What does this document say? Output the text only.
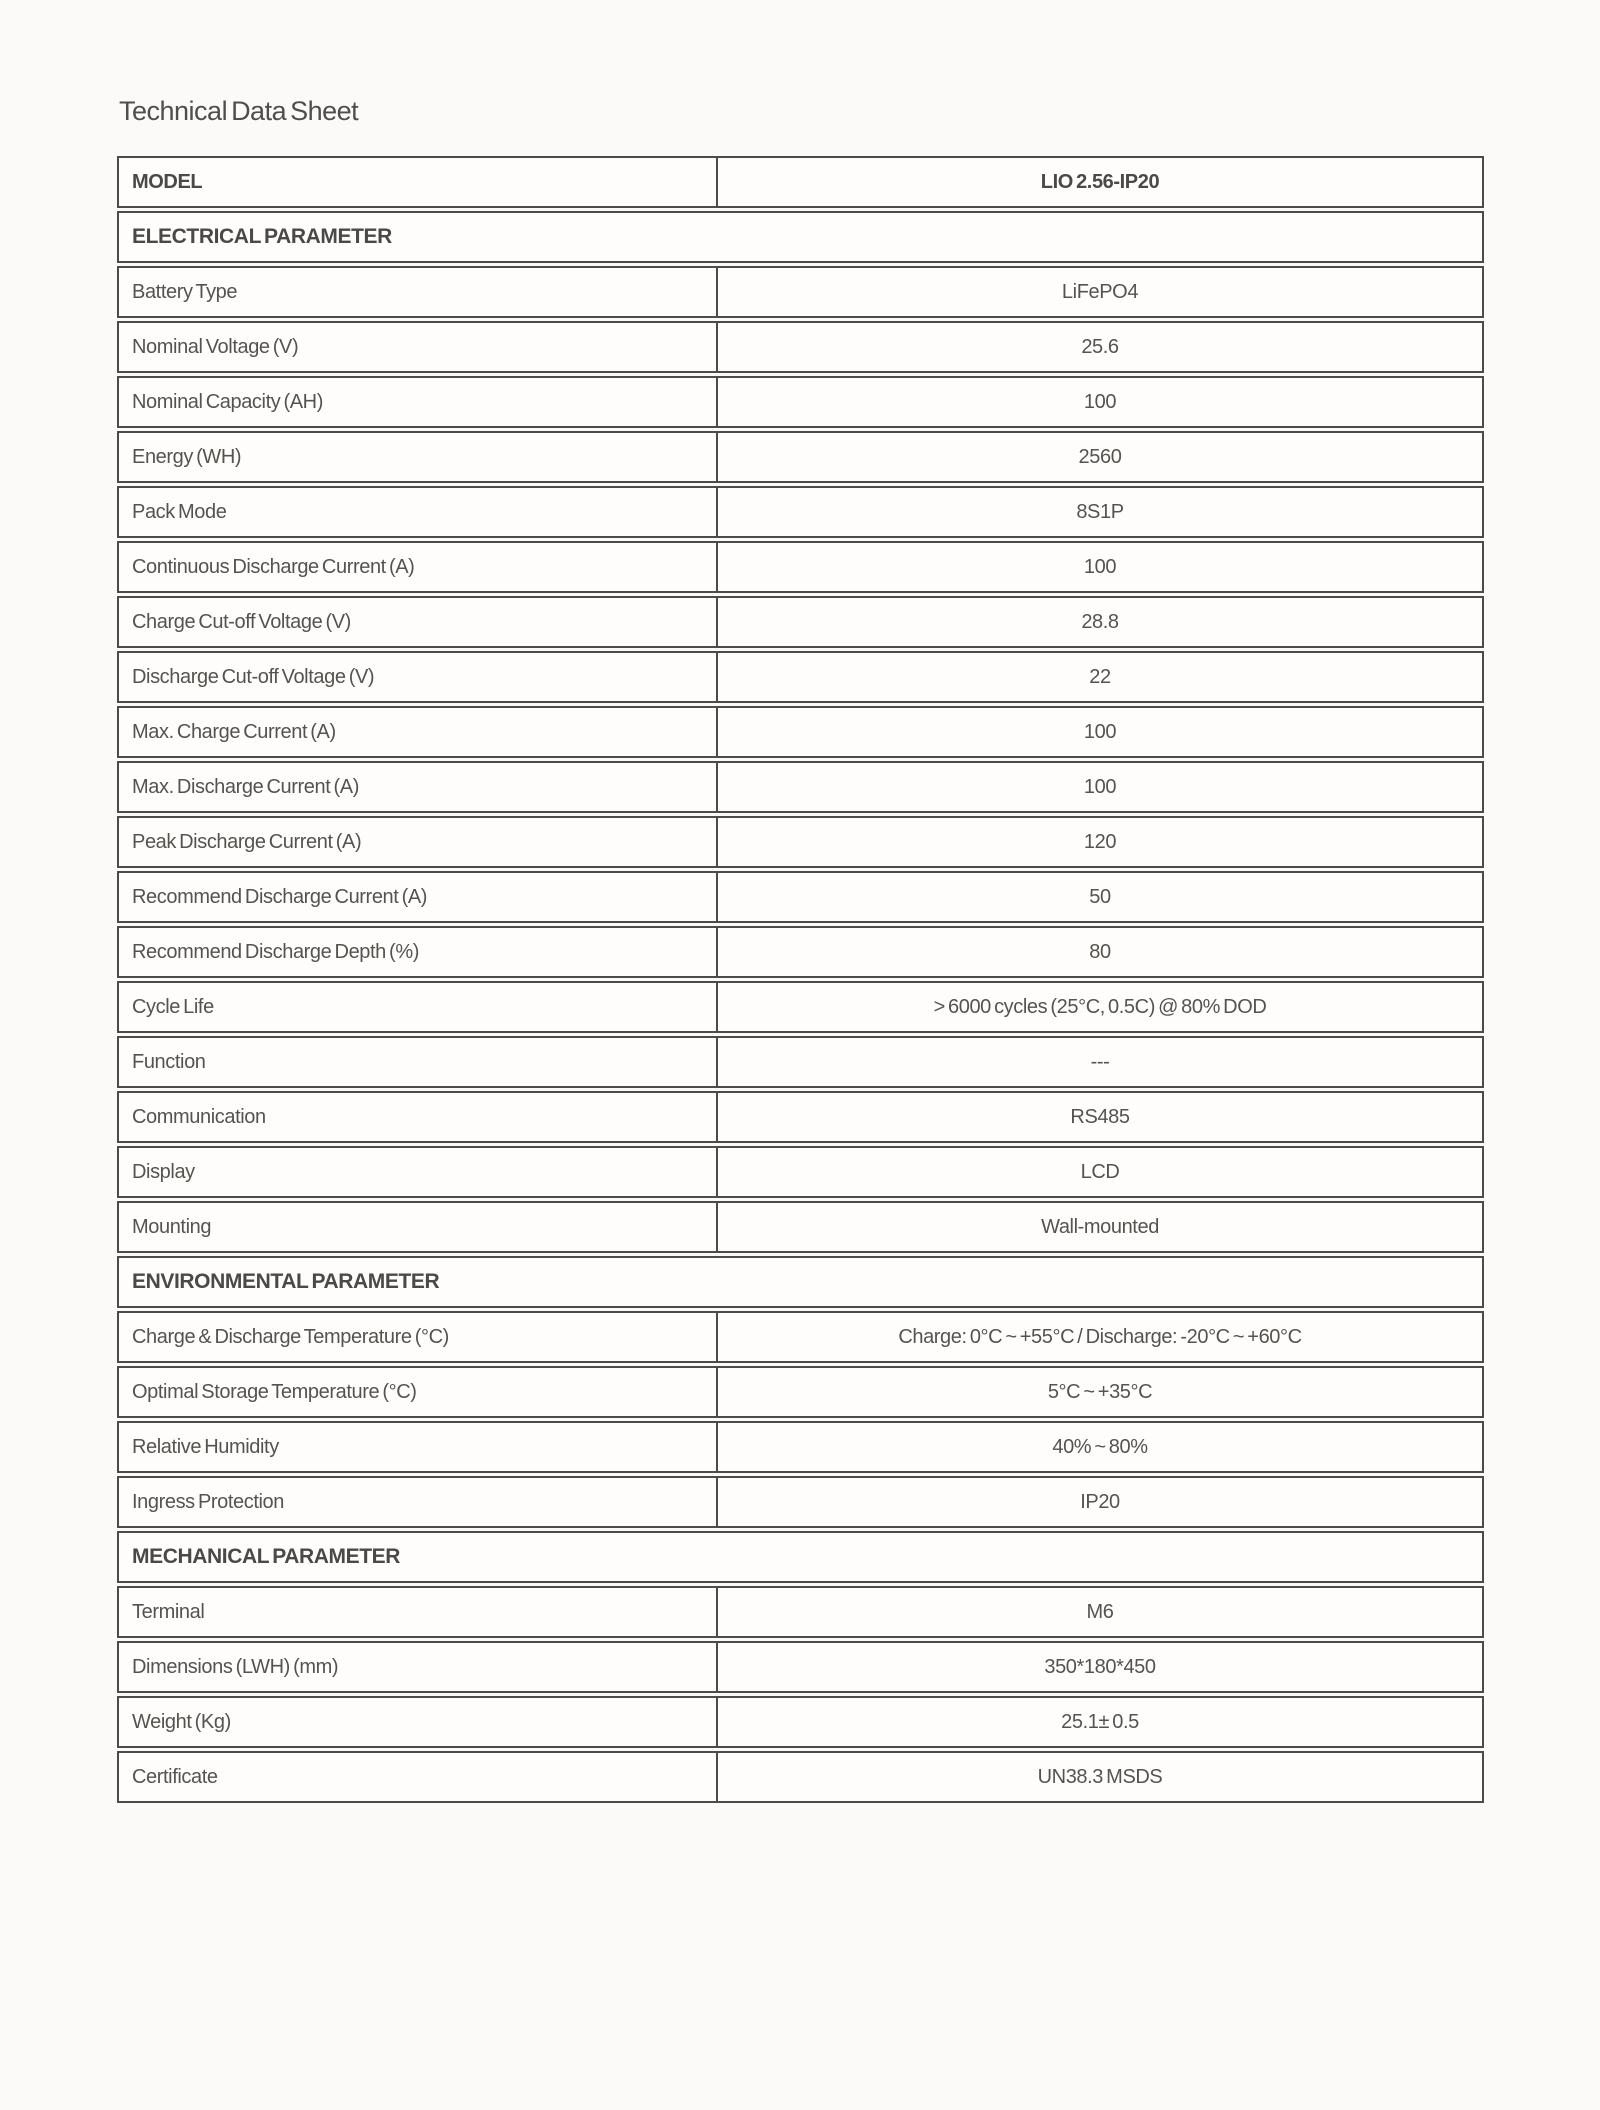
Technical Data Sheet
MODEL	LIO 2.56-IP20
ELECTRICAL PARAMETER	
Battery Type	LiFePO4
Nominal Voltage (V)	25.6
Nominal Capacity (AH)	100
Energy (WH)	2560
Pack Mode	8S1P
Continuous Discharge Current (A)	100
Charge Cut-off Voltage (V)	28.8
Discharge Cut-off Voltage (V)	22
Max. Charge Current (A)	100
Max. Discharge Current (A)	100
Peak Discharge Current (A)	120
Recommend Discharge Current (A)	50
Recommend Discharge Depth (%)	80
Cycle Life	> 6000 cycles (25°C, 0.5C) @ 80% DOD
Function	---
Communication	RS485
Display	LCD
Mounting	Wall-mounted
ENVIRONMENTAL PARAMETER	
Charge & Discharge Temperature (°C)	Charge: 0°C ~ +55°C / Discharge: -20°C ~ +60°C
Optimal Storage Temperature (°C)	5°C ~ +35°C
Relative Humidity	40% ~ 80%
Ingress Protection	IP20
MECHANICAL PARAMETER	
Terminal	M6
Dimensions (LWH) (mm)	350*180*450
Weight (Kg)	25.1± 0.5
Certificate	UN38.3 MSDS
